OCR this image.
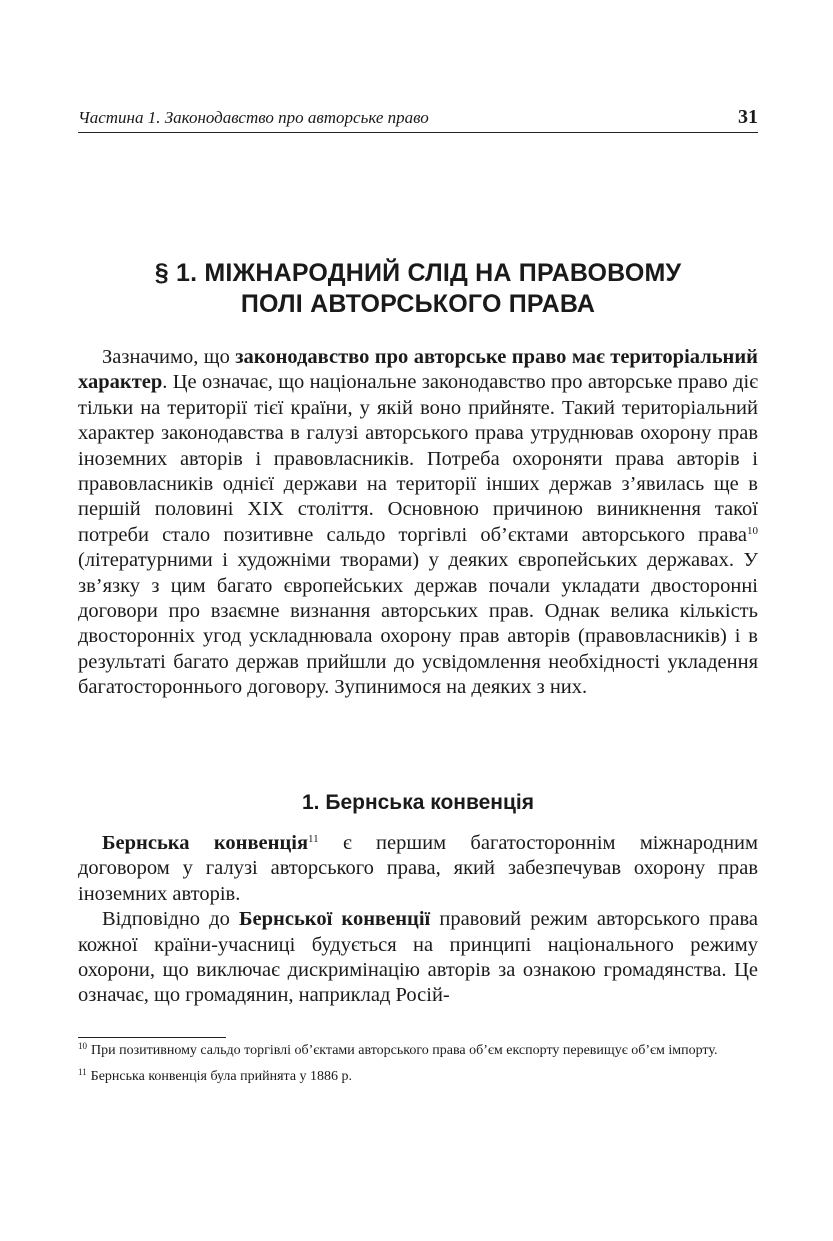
Частина 1. Законодавство про авторське право	31
§ 1. МІЖНАРОДНИЙ СЛІД НА ПРАВОВОМУ
ПОЛІ АВТОРСЬКОГО ПРАВА

Зазначимо, що законодавство про авторське право має територіальний характер. Це означає, що національне законодавство про авторське право діє тільки на території тієї країни, у якій воно прийняте. Такий територіальний характер законодавства в галузі авторського права утруднював охорону прав іноземних авторів і правовласників. Потреба охороняти права авторів і правовласників однієї держави на території інших держав з’явилась ще в першій половині XIX століття. Основною причиною виникнення такої потреби стало позитивне сальдо торгівлі об’єктами авторського права$^{10}$ (літературними і художніми творами) у деяких європейських державах. У зв’язку з цим багато європейських держав почали укладати двосторонні договори про взаємне визнання авторських прав. Однак велика кількість двосторонніх угод ускладнювала охорону прав авторів (правовласників) і в результаті багато держав прийшли до усвідомлення необхідності укладення багатостороннього договору. Зупинимося на деяких з них.

1. Бернська конвенція

Бернська конвенція$^{11}$ є першим багатостороннім міжнародним договором у галузі авторського права, який забезпечував охорону прав іноземних авторів.

Відповідно до Бернської конвенції правовий режим авторського права кожної країни-учасниці будується на принципі національного режиму охорони, що виключає дискримінацію авторів за ознакою громадянства. Це означає, що громадянин, наприклад Росій-

$^{10}$ При позитивному сальдо торгівлі об’єктами авторського права об’єм експорту перевищує об’єм імпорту.

$^{11}$ Бернська конвенція була прийнята у 1886 р.
